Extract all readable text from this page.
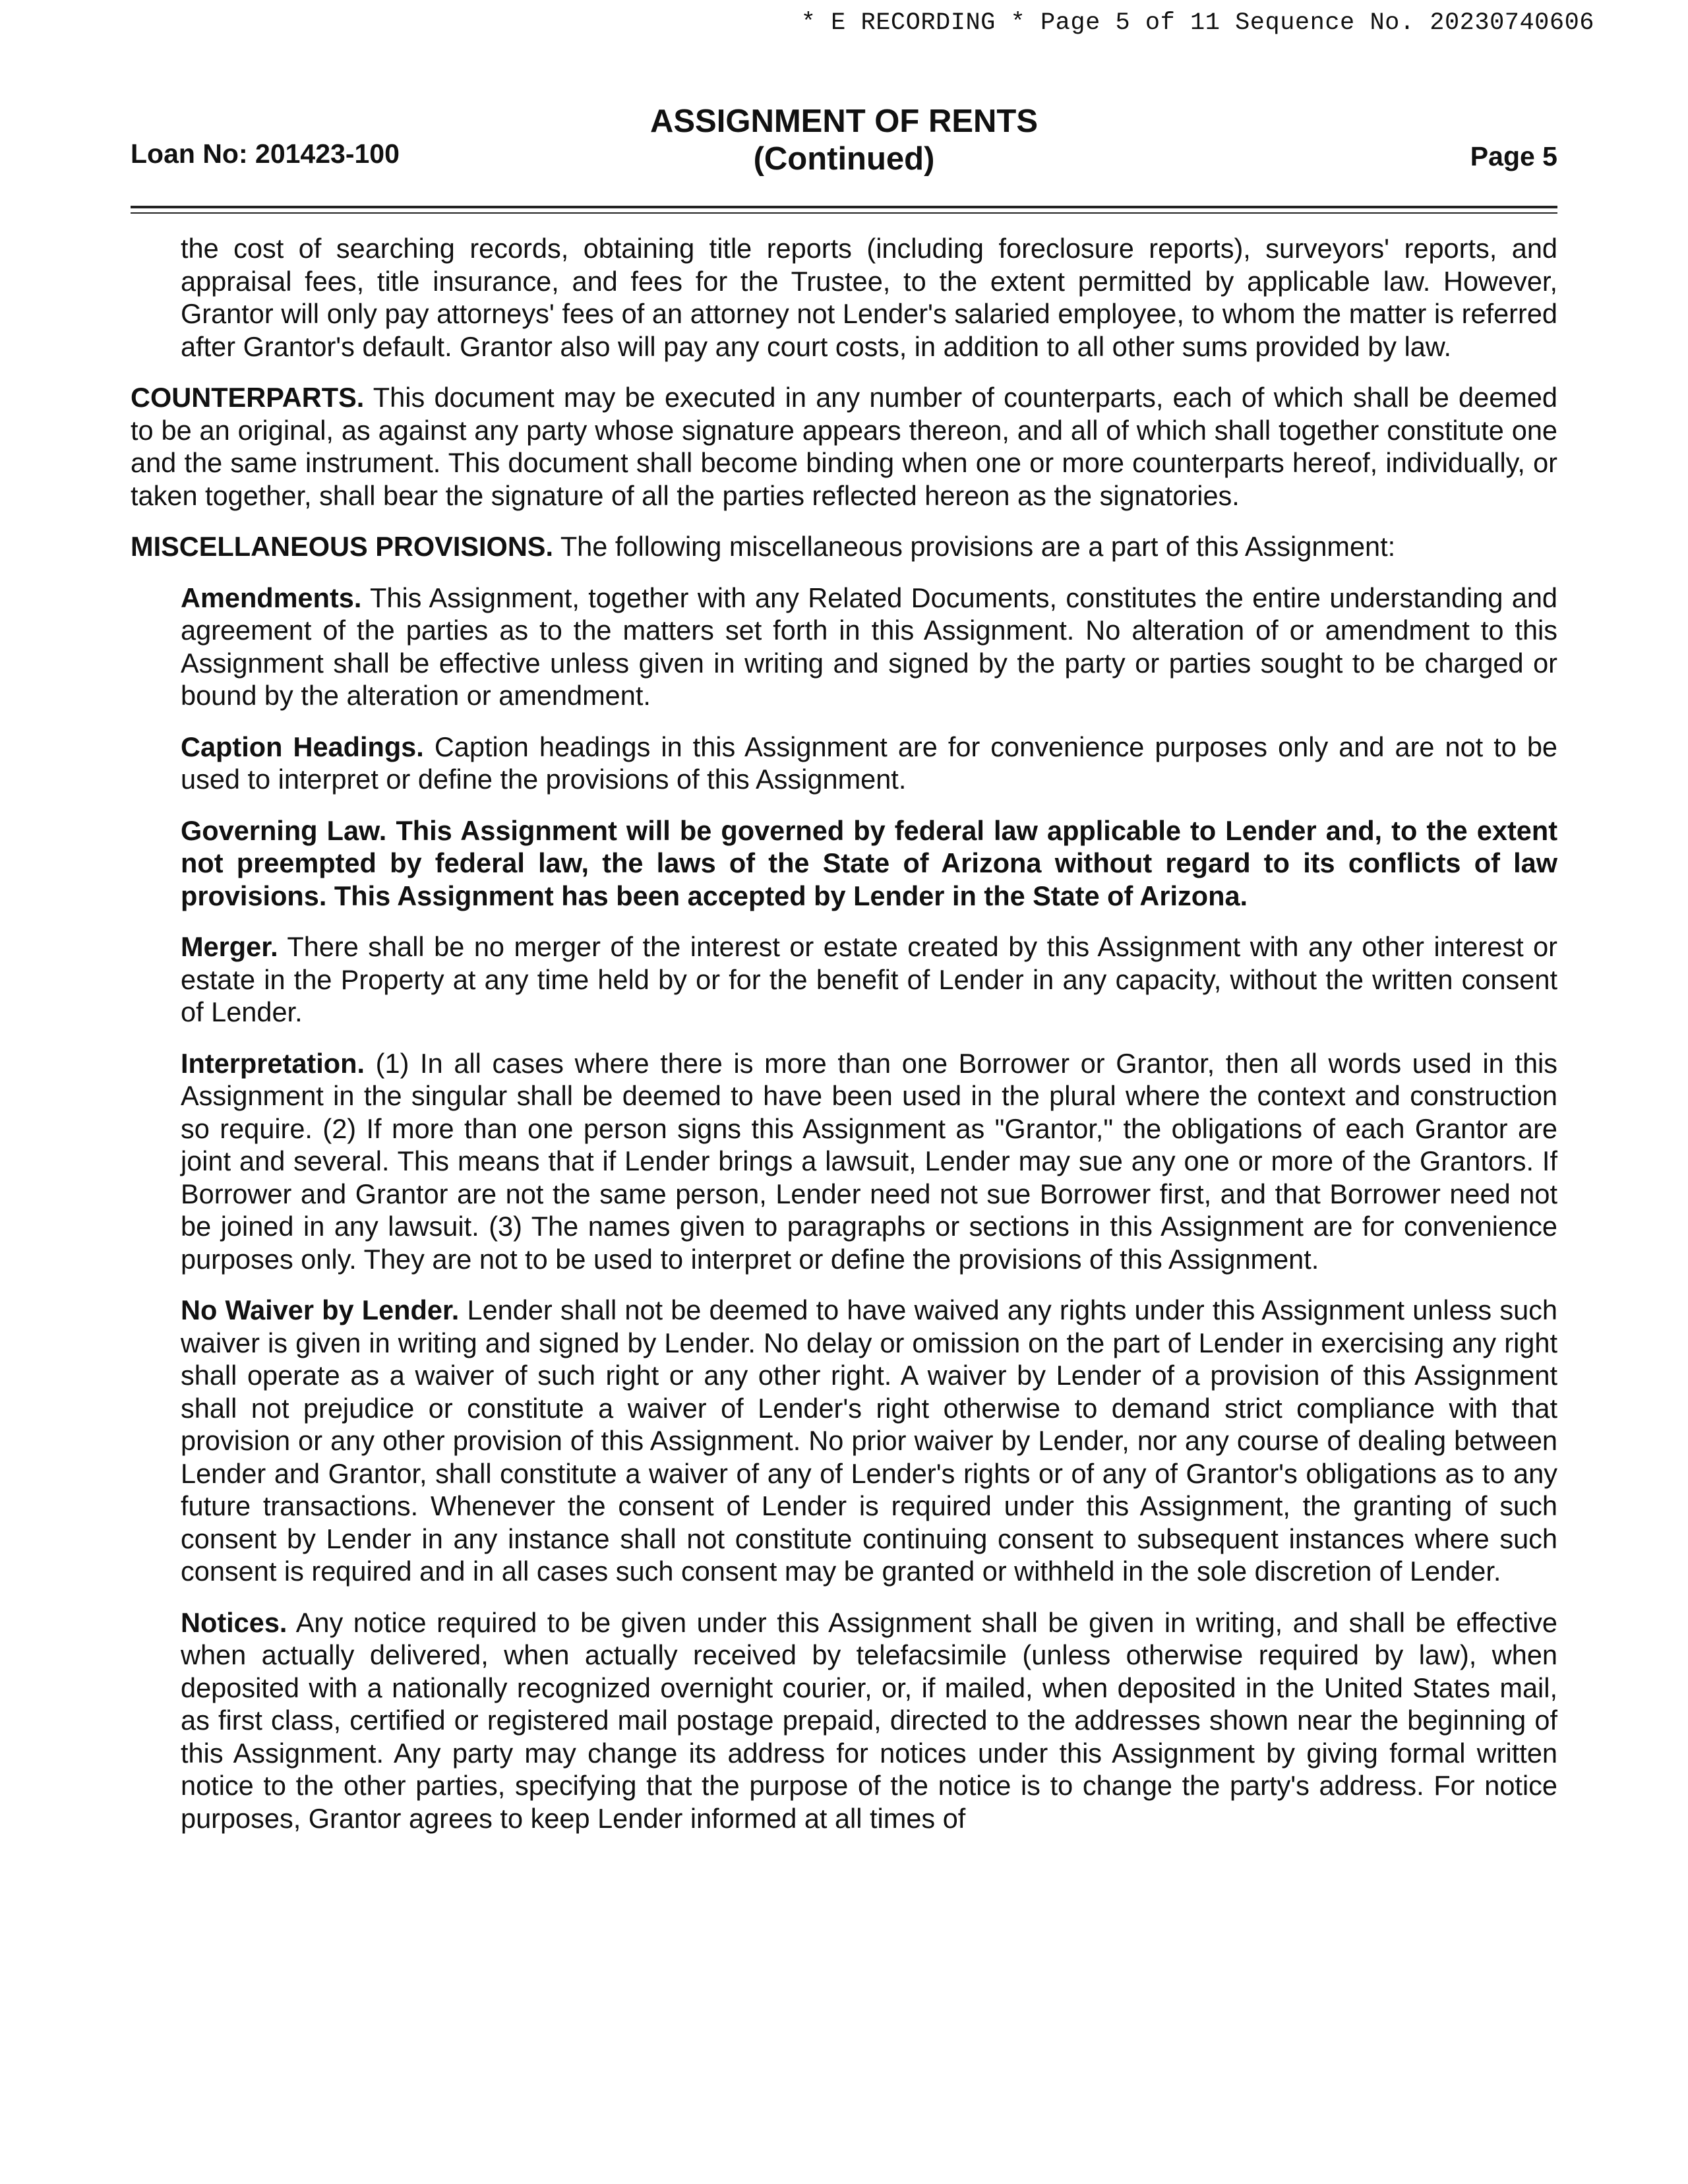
* E RECORDING * Page 5 of 11 Sequence No. 20230740606
Loan No: 201423-100
ASSIGNMENT OF RENTS
(Continued)	Page 5

the cost of searching records, obtaining title reports (including foreclosure reports), surveyors' reports, and appraisal fees, title insurance, and fees for the Trustee, to the extent permitted by applicable law. However, Grantor will only pay attorneys' fees of an attorney not Lender's salaried employee, to whom the matter is referred after Grantor's default. Grantor also will pay any court costs, in addition to all other sums provided by law.

COUNTERPARTS. This document may be executed in any number of counterparts, each of which shall be deemed to be an original, as against any party whose signature appears thereon, and all of which shall together constitute one and the same instrument. This document shall become binding when one or more counterparts hereof, individually, or taken together, shall bear the signature of all the parties reflected hereon as the signatories.

MISCELLANEOUS PROVISIONS. The following miscellaneous provisions are a part of this Assignment:

Amendments. This Assignment, together with any Related Documents, constitutes the entire understanding and agreement of the parties as to the matters set forth in this Assignment. No alteration of or amendment to this Assignment shall be effective unless given in writing and signed by the party or parties sought to be charged or bound by the alteration or amendment.

Caption Headings. Caption headings in this Assignment are for convenience purposes only and are not to be used to interpret or define the provisions of this Assignment.

Governing Law. This Assignment will be governed by federal law applicable to Lender and, to the extent not preempted by federal law, the laws of the State of Arizona without regard to its conflicts of law provisions. This Assignment has been accepted by Lender in the State of Arizona.

Merger. There shall be no merger of the interest or estate created by this Assignment with any other interest or estate in the Property at any time held by or for the benefit of Lender in any capacity, without the written consent of Lender.

Interpretation. (1) In all cases where there is more than one Borrower or Grantor, then all words used in this Assignment in the singular shall be deemed to have been used in the plural where the context and construction so require. (2) If more than one person signs this Assignment as "Grantor," the obligations of each Grantor are joint and several. This means that if Lender brings a lawsuit, Lender may sue any one or more of the Grantors. If Borrower and Grantor are not the same person, Lender need not sue Borrower first, and that Borrower need not be joined in any lawsuit. (3) The names given to paragraphs or sections in this Assignment are for convenience purposes only. They are not to be used to interpret or define the provisions of this Assignment.

No Waiver by Lender. Lender shall not be deemed to have waived any rights under this Assignment unless such waiver is given in writing and signed by Lender. No delay or omission on the part of Lender in exercising any right shall operate as a waiver of such right or any other right. A waiver by Lender of a provision of this Assignment shall not prejudice or constitute a waiver of Lender's right otherwise to demand strict compliance with that provision or any other provision of this Assignment. No prior waiver by Lender, nor any course of dealing between Lender and Grantor, shall constitute a waiver of any of Lender's rights or of any of Grantor's obligations as to any future transactions. Whenever the consent of Lender is required under this Assignment, the granting of such consent by Lender in any instance shall not constitute continuing consent to subsequent instances where such consent is required and in all cases such consent may be granted or withheld in the sole discretion of Lender.

Notices. Any notice required to be given under this Assignment shall be given in writing, and shall be effective when actually delivered, when actually received by telefacsimile (unless otherwise required by law), when deposited with a nationally recognized overnight courier, or, if mailed, when deposited in the United States mail, as first class, certified or registered mail postage prepaid, directed to the addresses shown near the beginning of this Assignment. Any party may change its address for notices under this Assignment by giving formal written notice to the other parties, specifying that the purpose of the notice is to change the party's address. For notice purposes, Grantor agrees to keep Lender informed at all times of
